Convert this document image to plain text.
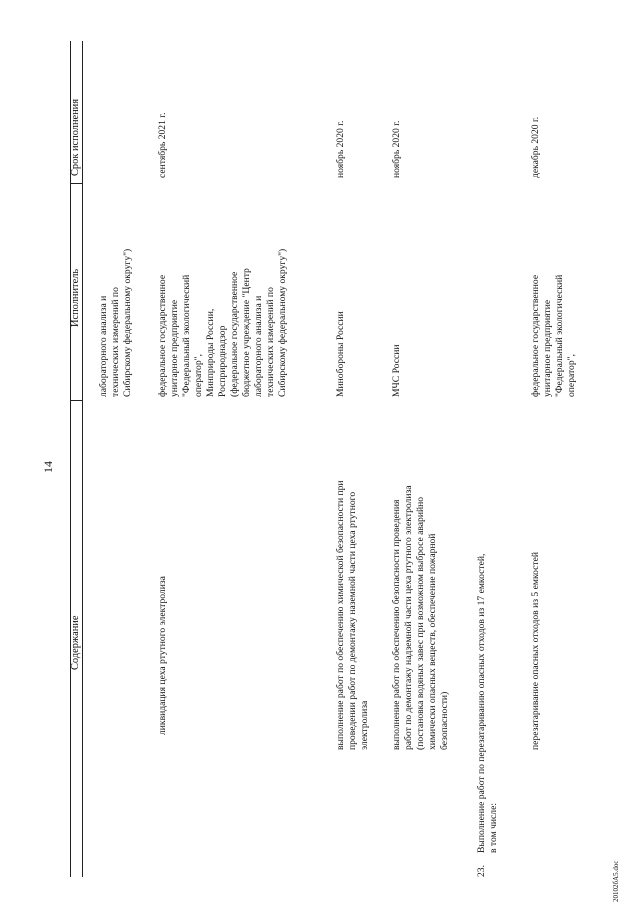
14
Содержание
Исполнитель
Срок исполнения
лабораторного анализа и технических измерений по Сибирскому федеральному округу")
ликвидация цеха ртутного электролиза
федеральное государственное унитарное предприятие "Федеральный экологический оператор", Минприроды России, Росприроднадзор (федеральное государственное бюджетное учреждение "Центр лабораторного анализа и технических измерений по Сибирскому федеральному округу")
сентябрь 2021 г.
выполнение работ по обеспечению химической безопасности при проведении работ по демонтажу наземной части цеха ртутного электролиза
Минобороны России
ноябрь 2020 г.
выполнение работ по обеспечению безопасности проведения работ по демонтажу надземной части цеха ртутного электролиза (постановка водяных завес при возможном выбросе аварийно химически опасных веществ, обеспечение пожарной безопасности)
МЧС России
ноябрь 2020 г.
23.
Выполнение работ по перезатариванию опасных отходов из 17 емкостей, в том числе:
перезатаривание опасных отходов из 5 емкостей
федеральное государственное унитарное предприятие "Федеральный экологический оператор",
декабрь 2020 г.
20102бА5.doc
